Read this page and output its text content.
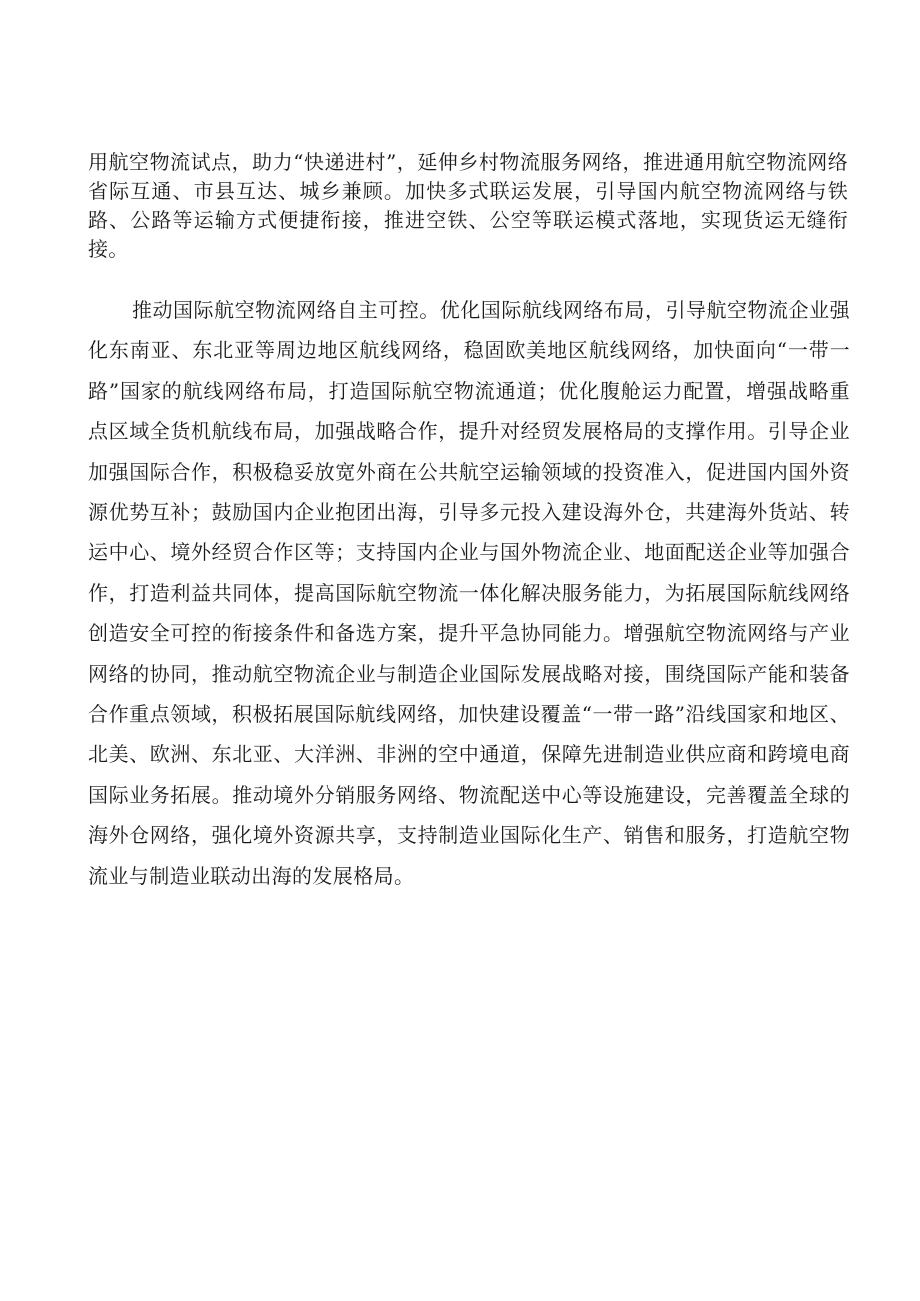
用航空物流试点，助力“快递进村”，延伸乡村物流服务网络，推进通用航空物流网络省际互通、市县互达、城乡兼顾。加快多式联运发展，引导国内航空物流网络与铁路、公路等运输方式便捷衔接，推进空铁、公空等联运模式落地，实现货运无缝衔接。

推动国际航空物流网络自主可控。优化国际航线网络布局，引导航空物流企业强化东南亚、东北亚等周边地区航线网络，稳固欧美地区航线网络，加快面向“一带一路”国家的航线网络布局，打造国际航空物流通道；优化腹舱运力配置，增强战略重点区域全货机航线布局，加强战略合作，提升对经贸发展格局的支撑作用。引导企业加强国际合作，积极稳妥放宽外商在公共航空运输领域的投资准入，促进国内国外资源优势互补；鼓励国内企业抱团出海，引导多元投入建设海外仓，共建海外货站、转运中心、境外经贸合作区等；支持国内企业与国外物流企业、地面配送企业等加强合作，打造利益共同体，提高国际航空物流一体化解决服务能力，为拓展国际航线网络创造安全可控的衔接条件和备选方案，提升平急协同能力。增强航空物流网络与产业网络的协同，推动航空物流企业与制造企业国际发展战略对接，围绕国际产能和装备合作重点领域，积极拓展国际航线网络，加快建设覆盖“一带一路”沿线国家和地区、北美、欧洲、东北亚、大洋洲、非洲的空中通道，保障先进制造业供应商和跨境电商国际业务拓展。推动境外分销服务网络、物流配送中心等设施建设，完善覆盖全球的海外仓网络，强化境外资源共享，支持制造业国际化生产、销售和服务，打造航空物流业与制造业联动出海的发展格局。
